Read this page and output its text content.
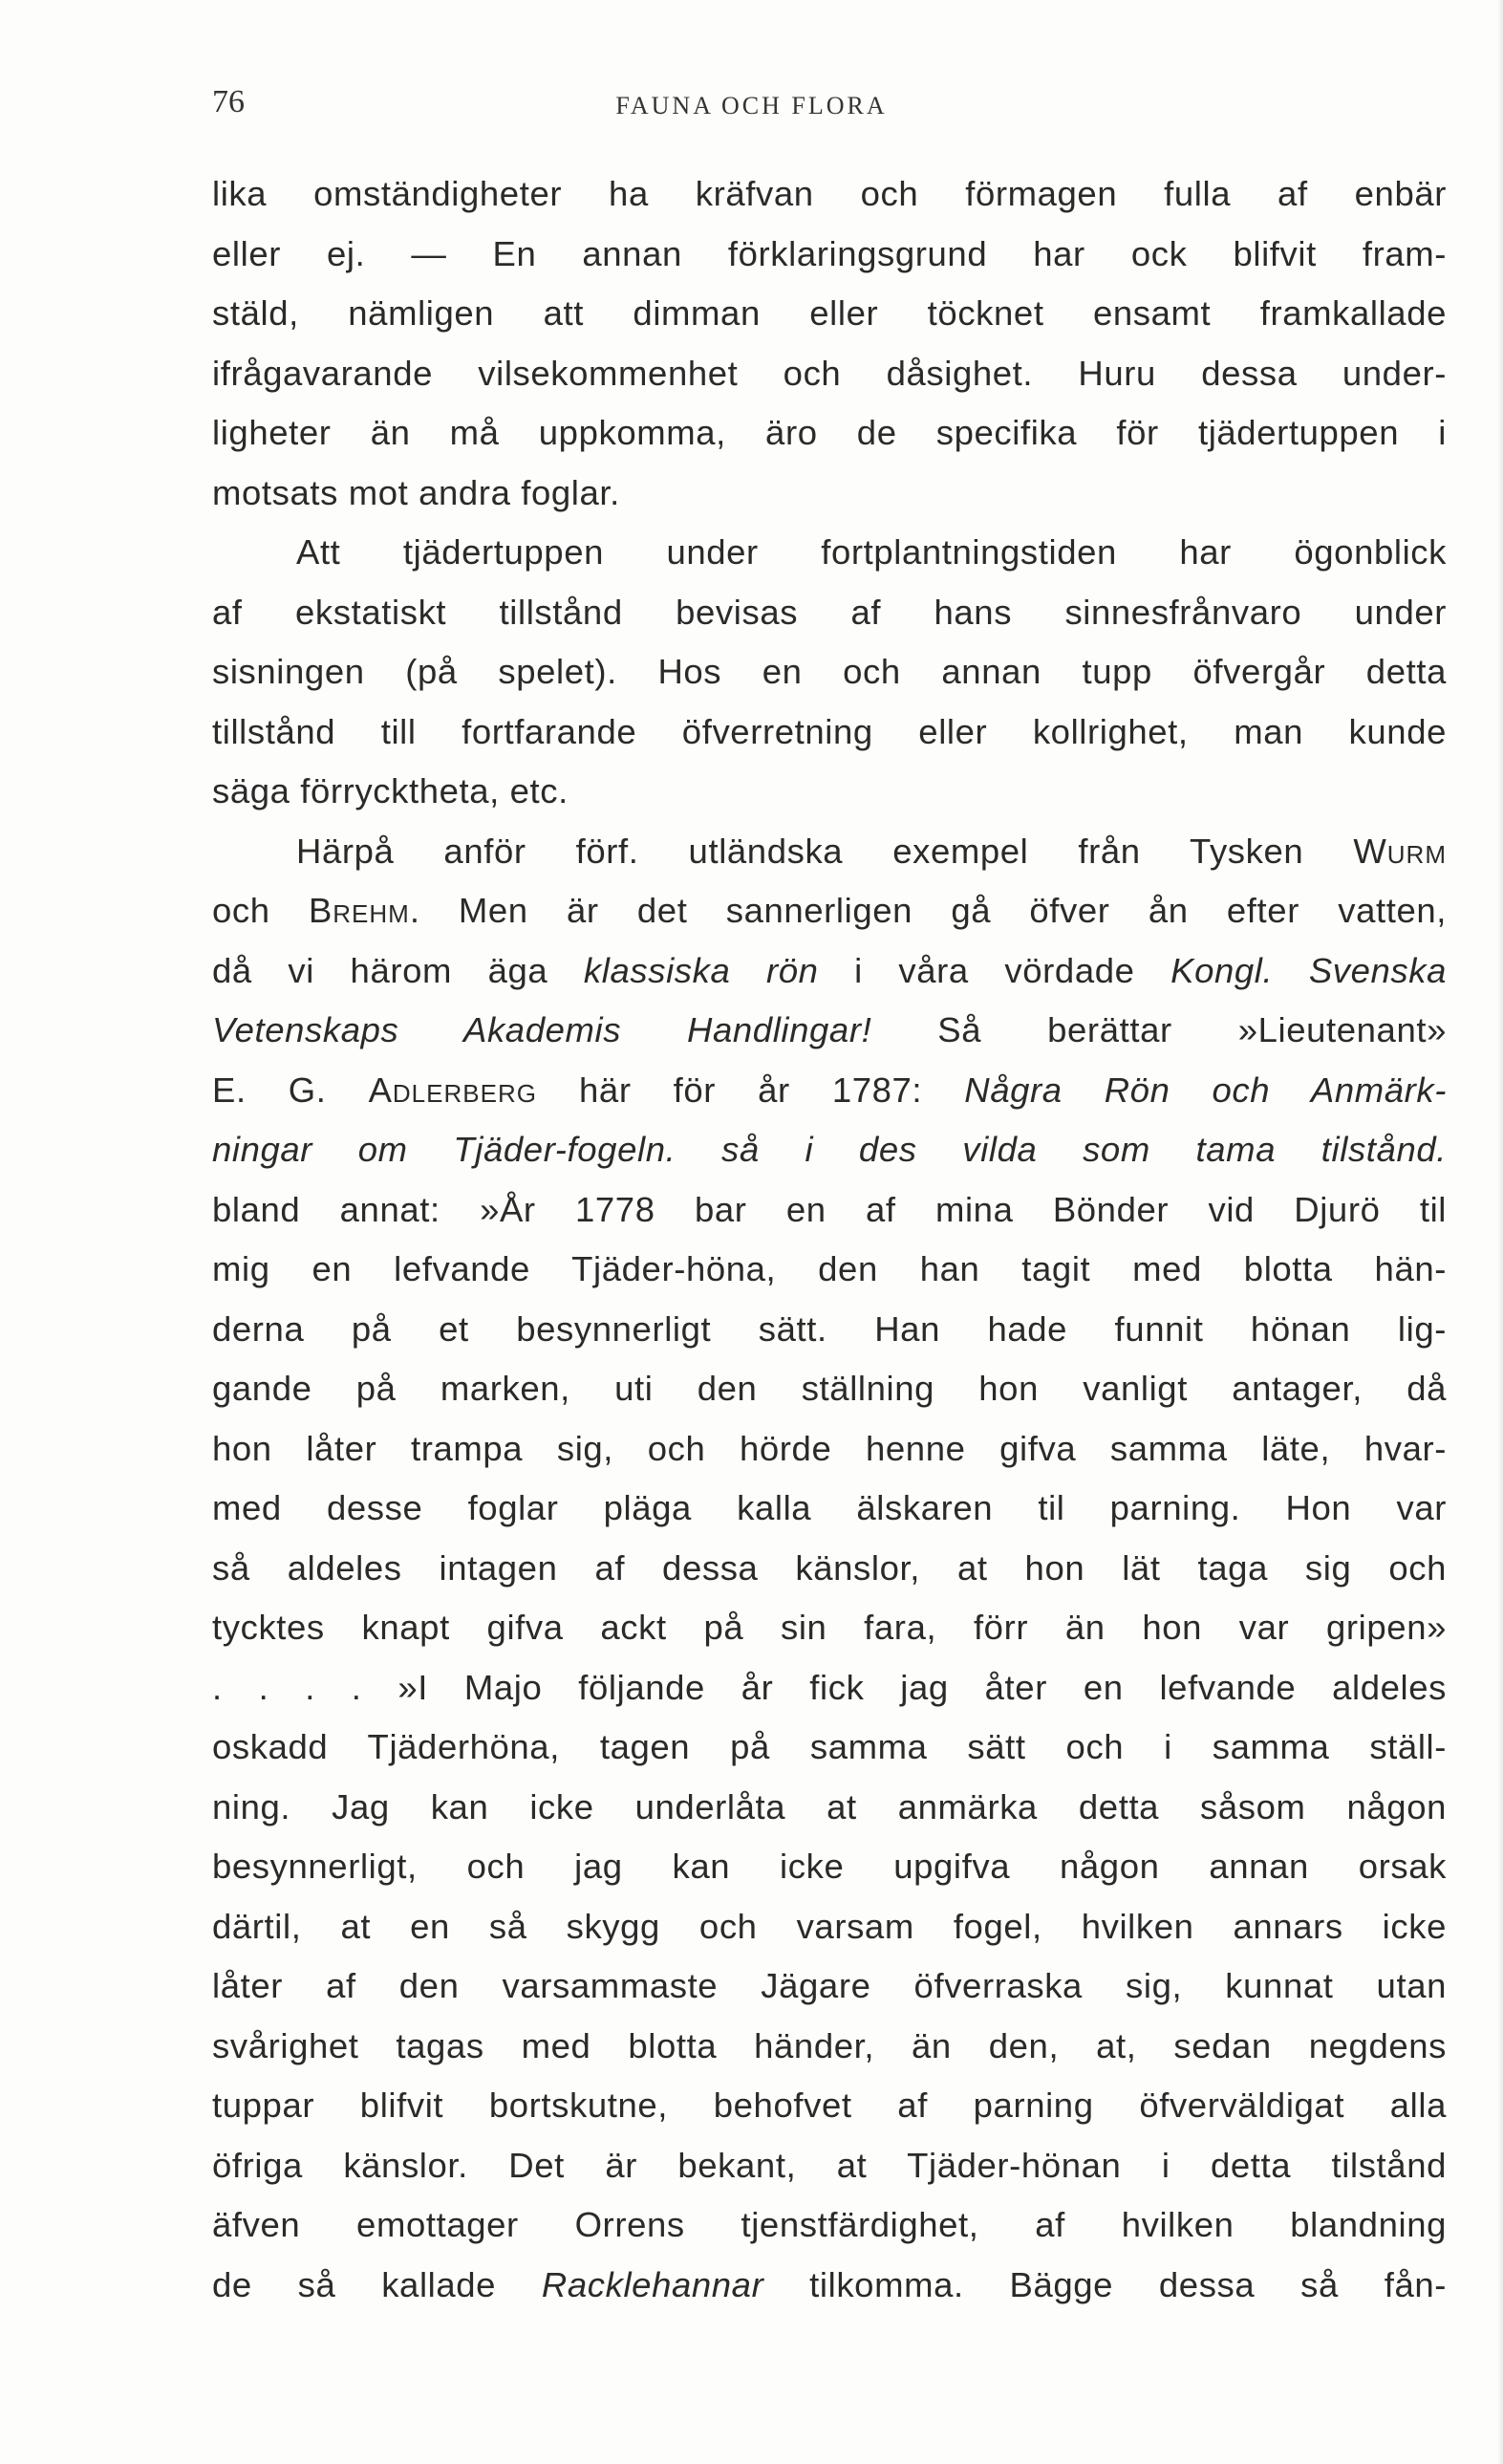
76	FAUNA OCH FLORA
lika omständigheter ha kräfvan och förmagen fulla af enbär
eller ej. — En annan förklaringsgrund har ock blifvit fram-
stäld, nämligen att dimman eller töcknet ensamt framkallade
ifrågavarande vilsekommenhet och dåsighet. Huru dessa under-
ligheter än må uppkomma, äro de specifika för tjädertuppen i
motsats mot andra foglar.
Att tjädertuppen under fortplantningstiden har ögonblick
af ekstatiskt tillstånd bevisas af hans sinnesfrånvaro under
sisningen (på spelet). Hos en och annan tupp öfvergår detta
tillstånd till fortfarande öfverretning eller kollrighet, man kunde
säga förrycktheta, etc.
Härpå anför förf. utländska exempel från Tysken Wurm
och Brehm. Men är det sannerligen gå öfver ån efter vatten,
då vi härom äga klassiska rön i våra vördade Kongl. Svenska
Vetenskaps Akademis Handlingar! Så berättar »Lieutenant»
E. G. Adlerberg här för år 1787: Några Rön och Anmärk-
ningar om Tjäder-fogeln. så i des vilda som tama tilstånd.
bland annat: »År 1778 bar en af mina Bönder vid Djurö til
mig en lefvande Tjäder-höna, den han tagit med blotta hän-
derna på et besynnerligt sätt. Han hade funnit hönan lig-
gande på marken, uti den ställning hon vanligt antager, då
hon låter trampa sig, och hörde henne gifva samma läte, hvar-
med desse foglar pläga kalla älskaren til parning. Hon var
så aldeles intagen af dessa känslor, at hon lät taga sig och
tycktes knapt gifva ackt på sin fara, förr än hon var gripen»
. . . . »I Majo följande år fick jag åter en lefvande aldeles
oskadd Tjäderhöna, tagen på samma sätt och i samma ställ-
ning. Jag kan icke underlåta at anmärka detta såsom någon
besynnerligt, och jag kan icke upgifva någon annan orsak
därtil, at en så skygg och varsam fogel, hvilken annars icke
låter af den varsammaste Jägare öfverraska sig, kunnat utan
svårighet tagas med blotta händer, än den, at, sedan negdens
tuppar blifvit bortskutne, behofvet af parning öfverväldigat alla
öfriga känslor. Det är bekant, at Tjäder-hönan i detta tilstånd
äfven emottager Orrens tjenstfärdighet, af hvilken blandning
de så kallade Racklehannar tilkomma. Bägge dessa så fån-
